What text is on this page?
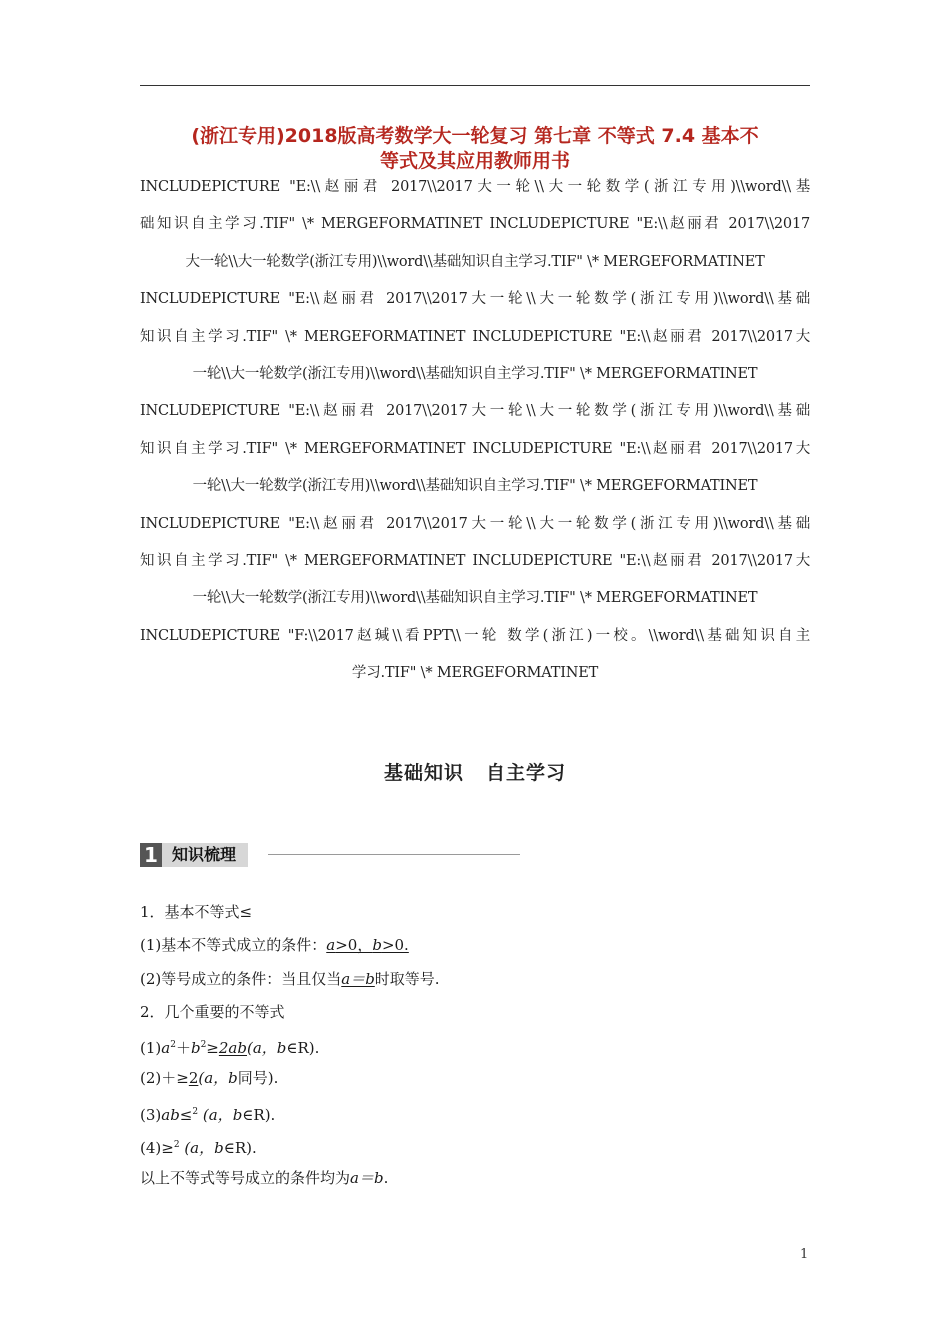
(浙江专用)2018版高考数学大一轮复习 第七章 不等式 7.4 基本不
等式及其应用教师用书
INCLUDEPICTURE "E:\\赵丽君 2017\\2017大一轮\\大一轮数学(浙江专用)\\word\\基
础知识自主学习.TIF" \* MERGEFORMATINET INCLUDEPICTURE "E:\\赵丽君 2017\\2017
大一轮\\大一轮数学(浙江专用)\\word\\基础知识自主学习.TIF" \* MERGEFORMATINET
INCLUDEPICTURE "E:\\赵丽君 2017\\2017大一轮\\大一轮数学(浙江专用)\\word\\基础
知识自主学习.TIF" \* MERGEFORMATINET INCLUDEPICTURE "E:\\赵丽君 2017\\2017大
一轮\\大一轮数学(浙江专用)\\word\\基础知识自主学习.TIF" \* MERGEFORMATINET
INCLUDEPICTURE "E:\\赵丽君 2017\\2017大一轮\\大一轮数学(浙江专用)\\word\\基础
知识自主学习.TIF" \* MERGEFORMATINET INCLUDEPICTURE "E:\\赵丽君 2017\\2017大
一轮\\大一轮数学(浙江专用)\\word\\基础知识自主学习.TIF" \* MERGEFORMATINET
INCLUDEPICTURE "E:\\赵丽君 2017\\2017大一轮\\大一轮数学(浙江专用)\\word\\基础
知识自主学习.TIF" \* MERGEFORMATINET INCLUDEPICTURE "E:\\赵丽君 2017\\2017大
一轮\\大一轮数学(浙江专用)\\word\\基础知识自主学习.TIF" \* MERGEFORMATINET
INCLUDEPICTURE "F:\\2017赵瑊\\看PPT\\一轮 数学(浙江)一校。\\word\\基础知识自主
学习.TIF" \* MERGEFORMATINET
基础知识 自主学习
1 知识梳理
1．基本不等式≤
(1)基本不等式成立的条件：a>0，b>0.
(2)等号成立的条件：当且仅当a＝b时取等号.
2．几个重要的不等式
$(1)a^2+b^2\ge 2ab(a$，b∈R).
(2)＋≥2(a，b同号).
(3)ab≤$^2$ (a，b∈R).
(4)≥$^2$ (a，b∈R).
以上不等式等号成立的条件均为a＝b.
1
